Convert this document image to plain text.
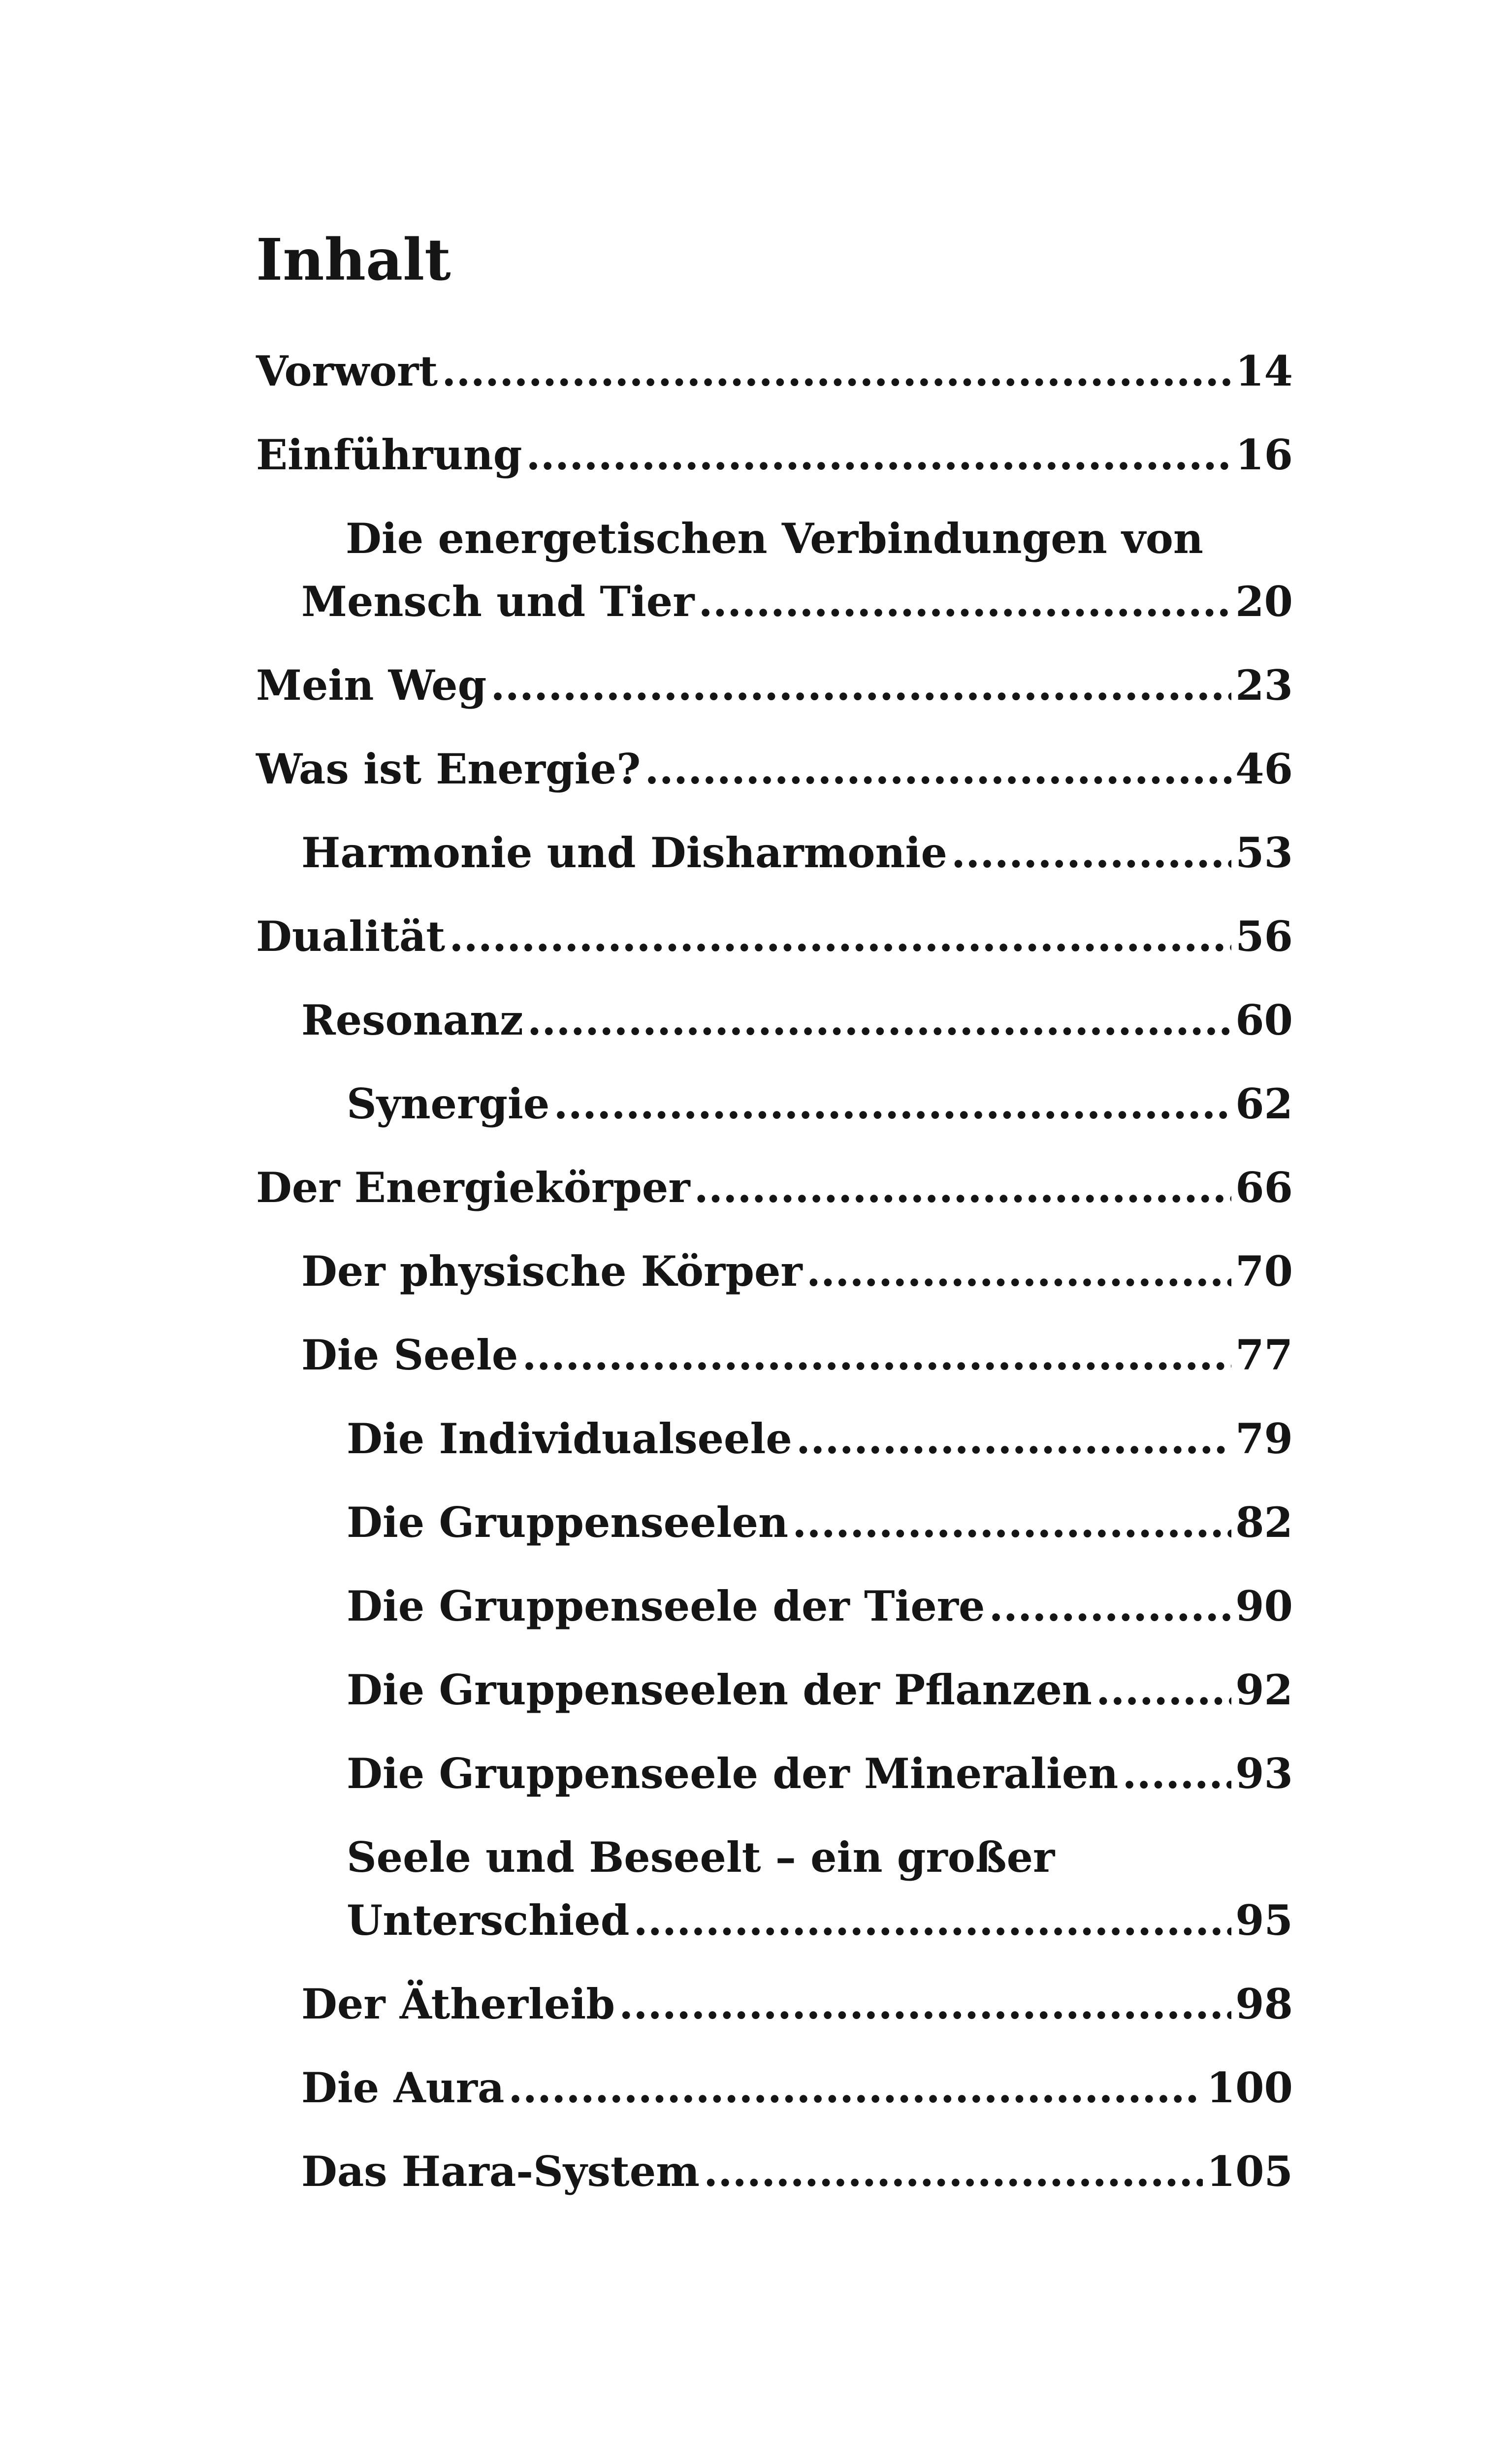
Inhalt
Vorwort .....	14
Einführung .....	16
Die energetischen Verbindungen von
Mensch und Tier .....	20
Mein Weg .....	23
Was ist Energie? .....	46
Harmonie und Disharmonie .....	53
Dualität .....	56
Resonanz .....	60
Synergie .....	62
Der Energiekörper .....	66
Der physische Körper .....	70
Die Seele .....	77
Die Individualseele .....	79
Die Gruppenseelen .....	82
Die Gruppenseele der Tiere .....	90
Die Gruppenseelen der Pflanzen .....	92
Die Gruppenseele der Mineralien .....	93
Seele und Beseelt – ein großer
Unterschied .....	95
Der Ätherleib .....	98
Die Aura .....	100
Das Hara-System .....	105
